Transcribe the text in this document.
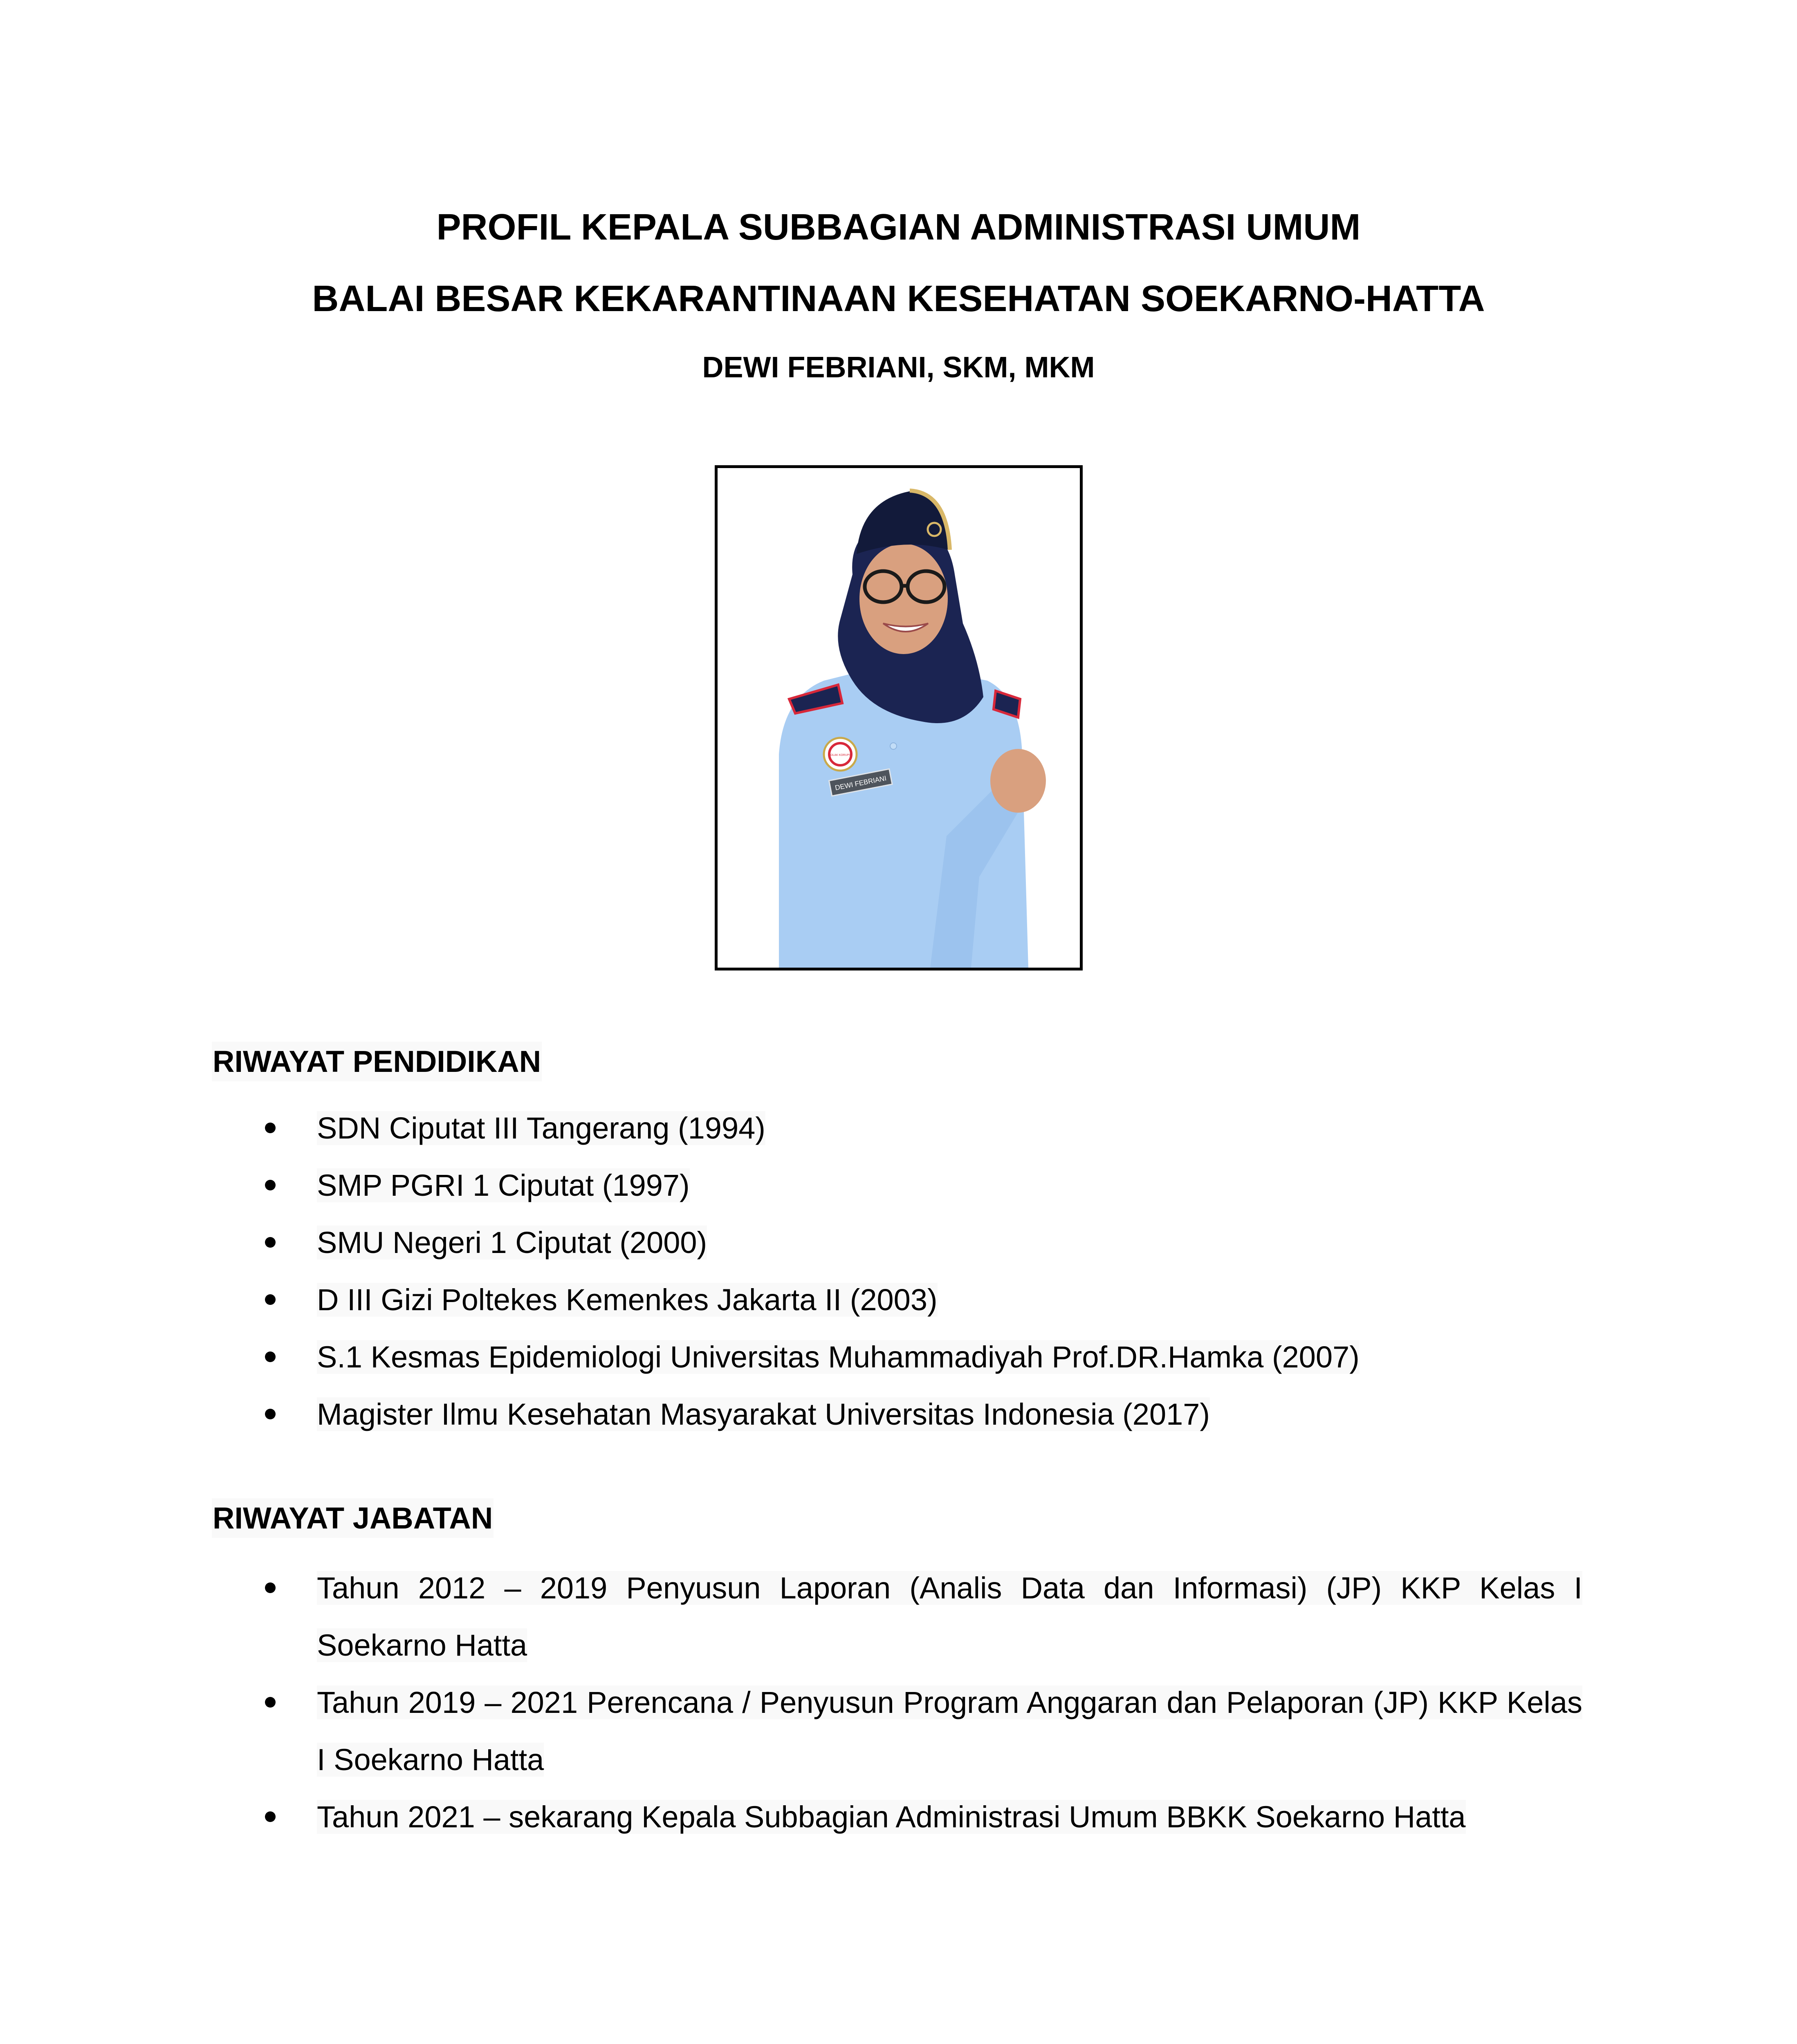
PROFIL KEPALA SUBBAGIAN ADMINISTRASI UMUM
BALAI BESAR KEKARANTINAAN KESEHATAN SOEKARNO-HATTA
DEWI FEBRIANI, SKM, MKM
TOLAK KORUPSI
DEWI FEBRIANI
RIWAYAT PENDIDIKAN
SDN Ciputat III Tangerang (1994)
SMP PGRI 1 Ciputat (1997)
SMU Negeri 1 Ciputat (2000)
D III Gizi Poltekes Kemenkes Jakarta II (2003)
S.1 Kesmas Epidemiologi Universitas Muhammadiyah Prof.DR.Hamka (2007)
Magister Ilmu Kesehatan Masyarakat Universitas Indonesia (2017)
RIWAYAT JABATAN
Tahun 2012 – 2019 Penyusun Laporan (Analis Data dan Informasi) (JP) KKP Kelas I Soekarno Hatta
Tahun 2019 – 2021 Perencana / Penyusun Program Anggaran dan Pelaporan (JP) KKP Kelas I Soekarno Hatta
Tahun 2021 – sekarang Kepala Subbagian Administrasi Umum BBKK Soekarno Hatta
